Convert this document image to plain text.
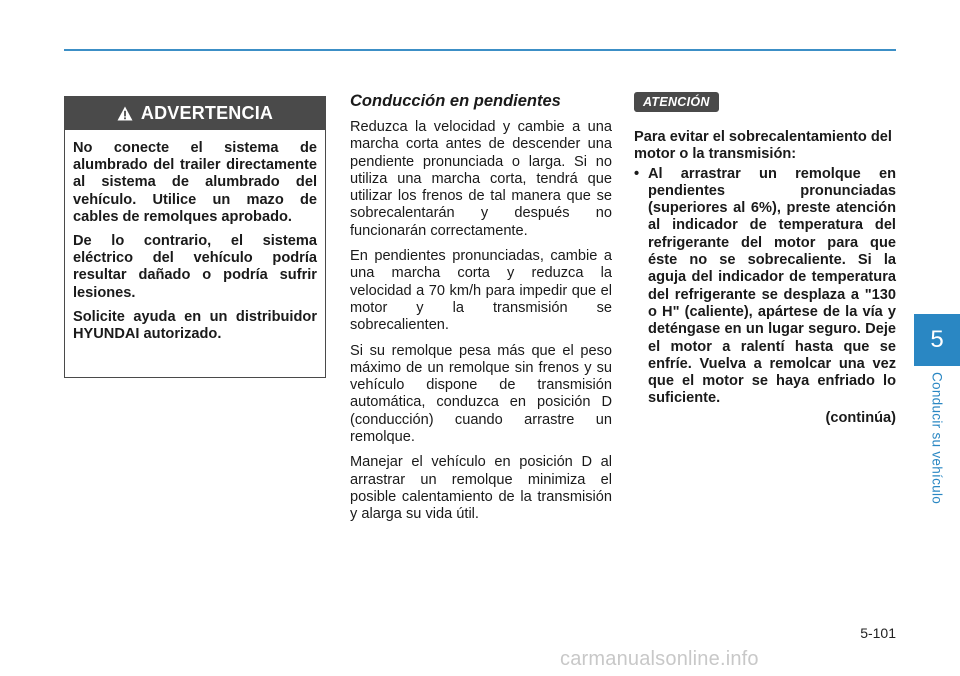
ADVERTENCIA

No conecte el sistema de alumbrado del trailer directamente al sistema de alumbrado del vehículo. Utilice un mazo de cables de remolques aprobado.

De lo contrario, el sistema eléctrico del vehículo podría resultar dañado o podría sufrir lesiones.

Solicite ayuda en un distribuidor HYUNDAI autorizado.

Conducción en pendientes

Reduzca la velocidad y cambie a una marcha corta antes de descender una pendiente pronunciada o larga. Si no utiliza una marcha corta, tendrá que utilizar los frenos de tal manera que se sobrecalentarán y después no funcionarán correctamente.

En pendientes pronunciadas, cambie a una marcha corta y reduzca la velocidad a 70 km/h para impedir que el motor y la transmisión se sobrecalienten.

Si su remolque pesa más que el peso máximo de un remolque sin frenos y su vehículo dispone de transmisión automática, conduzca en posición D (conducción) cuando arrastre un remolque.

Manejar el vehículo en posición D al arrastrar un remolque minimiza el posible calentamiento de la transmisión y alarga su vida útil.

ATENCIÓN
Para evitar el sobrecalentamiento del motor o la transmisión:
• Al arrastrar un remolque en pendientes pronunciadas (superiores al 6%), preste atención al indicador de temperatura del refrigerante del motor para que éste no se sobrecaliente. Si la aguja del indicador de temperatura del refrigerante se desplaza a "130 o H" (caliente), apártese de la vía y deténgase en un lugar seguro. Deje el motor a ralentí hasta que se enfríe. Vuelva a remolcar una vez que el motor se haya enfriado lo suficiente.
(continúa)
5
Conducir su vehículo
5-101
carmanualsonline.info
